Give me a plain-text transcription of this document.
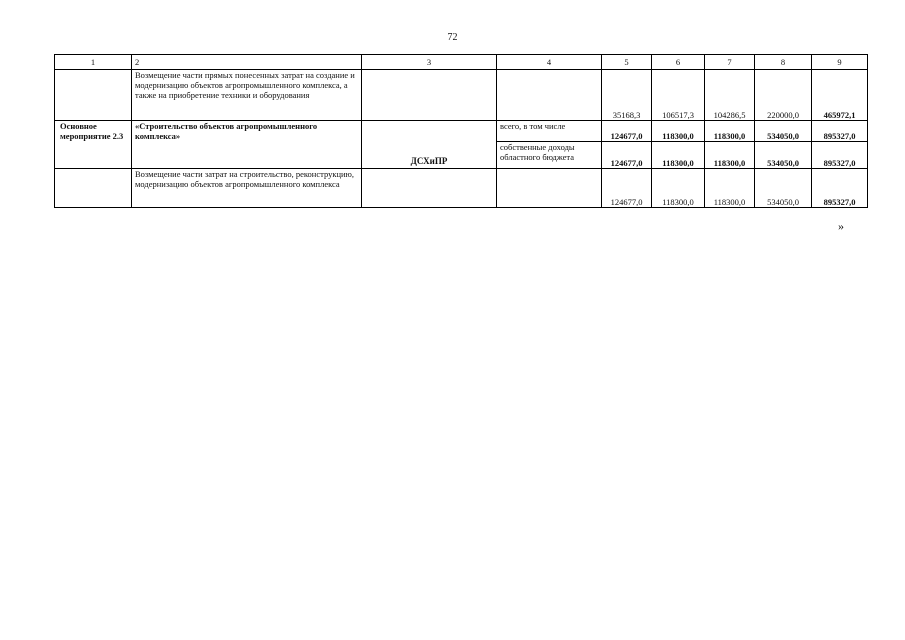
72
1	2	3	4	5	6	7	8	9
	Возмещение части прямых понесенных затрат на создание и модернизацию объектов агропромышленного комплекса, а также на приобретение техники и оборудования			35168,3	106517,3	104286,5	220000,0	465972,1
Основное мероприятие 2.3	«Строительство объектов агропромышленного комплекса»	ДСХиПР	всего, в том числе	124677,0	118300,0	118300,0	534050,0	895327,0
			собственные доходы областного бюджета	124677,0	118300,0	118300,0	534050,0	895327,0
	Возмещение части затрат на строительство, реконструкцию, модернизацию объектов агропромышленного комплекса			124677,0	118300,0	118300,0	534050,0	895327,0
»
